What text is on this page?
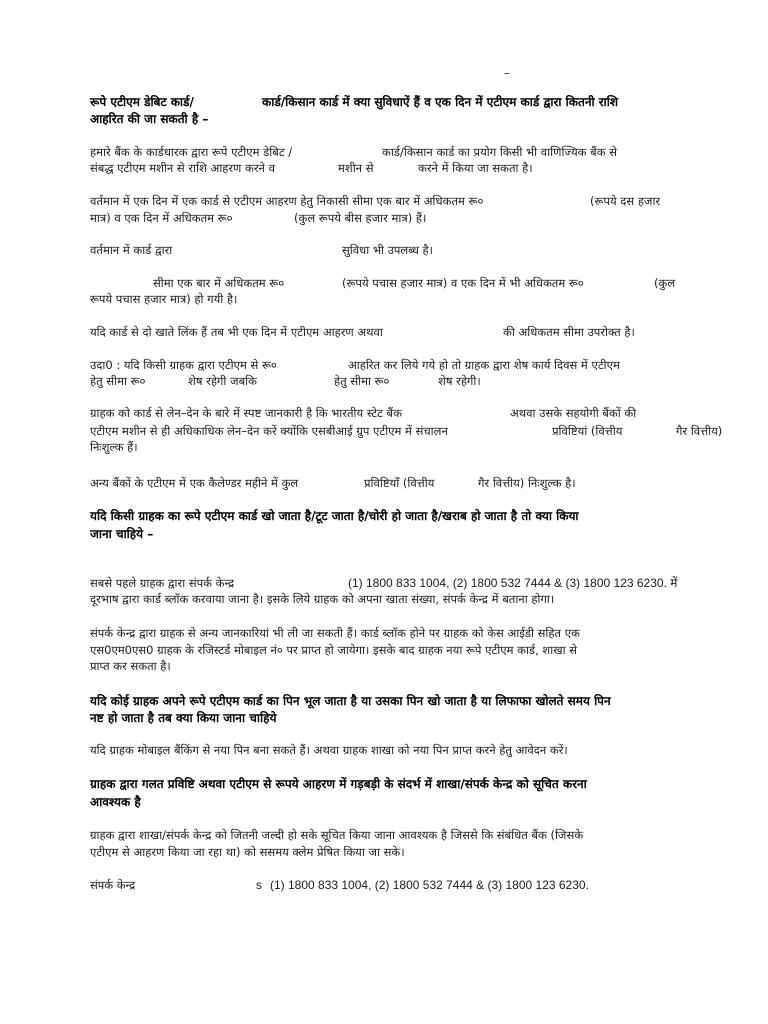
–
रूपे एटीएम डेबिट कार्ड/	कार्ड/किसान कार्ड में क्या सुविधाऐं हैं व एक दिन में एटीएम कार्ड द्वारा कितनी राशि
आहरित की जा सकती है –
हमारे बैंक के कार्डधारक द्वारा रूपे एटीएम डेबिट /	कार्ड/किसान कार्ड का प्रयोग किसी भी वाणिज्यिक बैंक से
संबद्ध एटीएम मशीन से राशि आहरण करने व	मशीन से	करने में किया जा सकता है।
वर्तमान में एक दिन में एक कार्ड से एटीएम आहरण हेतु निकासी सीमा एक बार में अधिकतम रू०	(रूपये दस हजार
मात्र) व एक दिन में अधिकतम रू०	(कुल रूपये बीस हजार मात्र) हैं।
वर्तमान में कार्ड द्वारा	सुविधा भी उपलब्ध है।
सीमा एक बार में अधिकतम रू०	(रूपये पचास हजार मात्र) व एक दिन में भी अधिकतम रू०	(कुल
रूपये पचास हजार मात्र) हो गयी है।
यदि कार्ड से दो खाते लिंक हैं तब भी एक दिन में एटीएम आहरण अथवा	की अधिकतम सीमा उपरोक्त है।
उदा0 : यदि किसी ग्राहक द्वारा एटीएम से रू०	आहरित कर लिये गये हो तो ग्राहक द्वारा शेष कार्य दिवस में एटीएम
हेतु सीमा रू०	शेष रहेगी जबकि	हेतु सीमा रू०	शेष रहेगी।
ग्राहक को कार्ड से लेन–देन के बारे में स्पष्ट जानकारी है कि भारतीय स्टेट बैंक	अथवा उसके सहयोगी बैंकों की
एटीएम मशीन से ही अधिकाधिक लेन–देन करें क्योंकि एसबीआई ग्रुप एटीएम में संचालन	प्रविष्टियां (वित्तीय	गैर वित्तीय)
निःशुल्क हैं।
अन्य बैंकों के एटीएम में एक कैलेण्डर महीने में कुल	प्रविष्टियाँ (वित्तीय	गैर वित्तीय) निःशुल्क है।
यदि किसी ग्राहक का रूपे एटीएम कार्ड खो जाता है/टूट जाता है/चोरी हो जाता है/खराब हो जाता है तो क्या किया
जाना चाहिये –
सबसे पहले ग्राहक द्वारा संपर्क केन्द्र	(1) 1800 833 1004, (2) 1800 532 7444 & (3) 1800 123 6230. में
दूरभाष द्वारा कार्ड ब्लॉक करवाया जाना है। इसके लिये ग्राहक को अपना खाता संख्या, संपर्क केन्द्र में बताना होगा।
संपर्क केन्द्र द्वारा ग्राहक से अन्य जानकारियां भी ली जा सकती हैं। कार्ड ब्लॉक होने पर ग्राहक को केस आईडी सहित एक
एस0एम0एस0 ग्राहक के रजिस्टर्ड मोबाइल नं० पर प्राप्त हो जायेगा। इसके बाद ग्राहक नया रूपे एटीएम कार्ड, शाखा से
प्राप्त कर सकता है।
यदि कोई ग्राहक अपने रूपे एटीएम कार्ड का पिन भूल जाता है या उसका पिन खो जाता है या लिफाफा खोलते समय पिन
नष्ट हो जाता है तब क्या किया जाना चाहिये
यदि ग्राहक मोबाइल बैंकिंग से नया पिन बना सकते हैं। अथवा ग्राहक शाखा को नया पिन प्राप्त करने हेतु आवेदन करें।
ग्राहक द्वारा गलत प्रविष्टि अथवा एटीएम से रूपये आहरण में गड़बड़ी के संदर्भ में शाखा/संपर्क केन्द्र को सूचित करना
आवश्यक है
ग्राहक द्वारा शाखा/संपर्क केन्द्र को जितनी जल्दी हो सके सूचित किया जाना आवश्यक है जिससे कि संबंधित बैंक (जिसके
एटीएम से आहरण किया जा रहा था) को ससमय क्लेम प्रेषित किया जा सके।
संपर्क केन्द्र	s (1) 1800 833 1004, (2) 1800 532 7444 & (3) 1800 123 6230.
